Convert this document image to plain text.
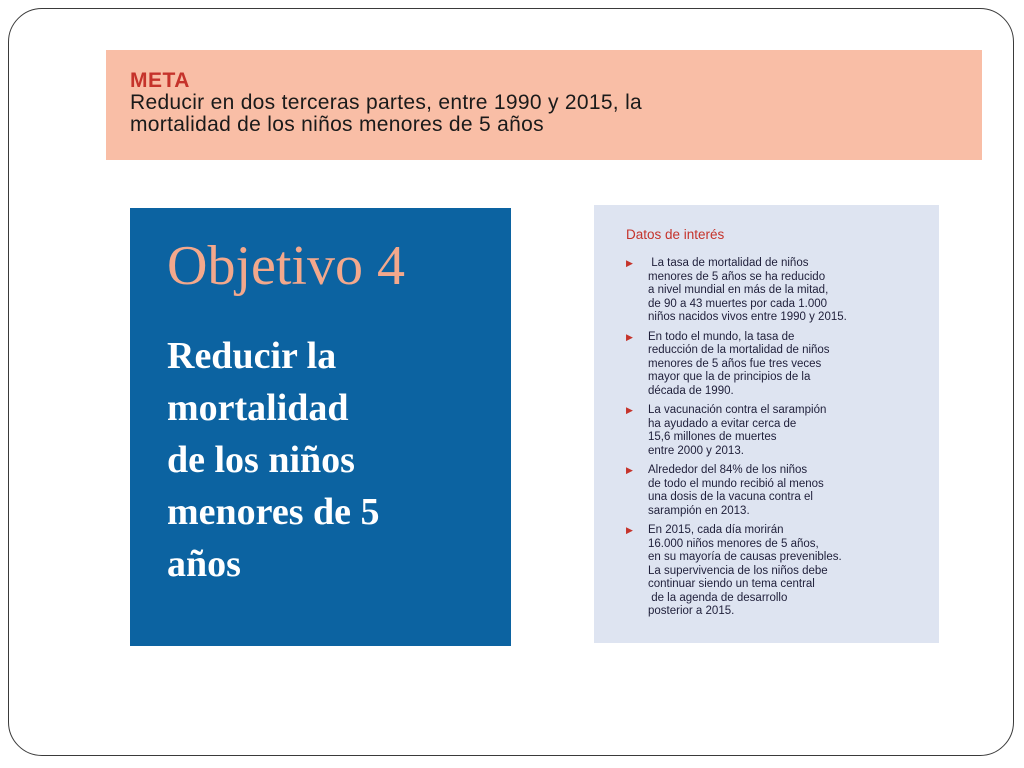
META
Reducir en dos terceras partes, entre 1990 y 2015, la
mortalidad de los niños menores de 5 años
Objetivo 4
Reducir la
mortalidad
de los niños
menores de 5
años
Datos de interés
▶ La tasa de mortalidad de niños
menores de 5 años se ha reducido
a nivel mundial en más de la mitad,
de 90 a 43 muertes por cada 1.000
niños nacidos vivos entre 1990 y 2015.
▶ En todo el mundo, la tasa de
reducción de la mortalidad de niños
menores de 5 años fue tres veces
mayor que la de principios de la
década de 1990.
▶ La vacunación contra el sarampión
ha ayudado a evitar cerca de
15,6 millones de muertes
entre 2000 y 2013.
▶ Alrededor del 84% de los niños
de todo el mundo recibió al menos
una dosis de la vacuna contra el
sarampión en 2013.
▶ En 2015, cada día morirán
16.000 niños menores de 5 años,
en su mayoría de causas prevenibles.
La supervivencia de los niños debe
continuar siendo un tema central
de la agenda de desarrollo
posterior a 2015.
